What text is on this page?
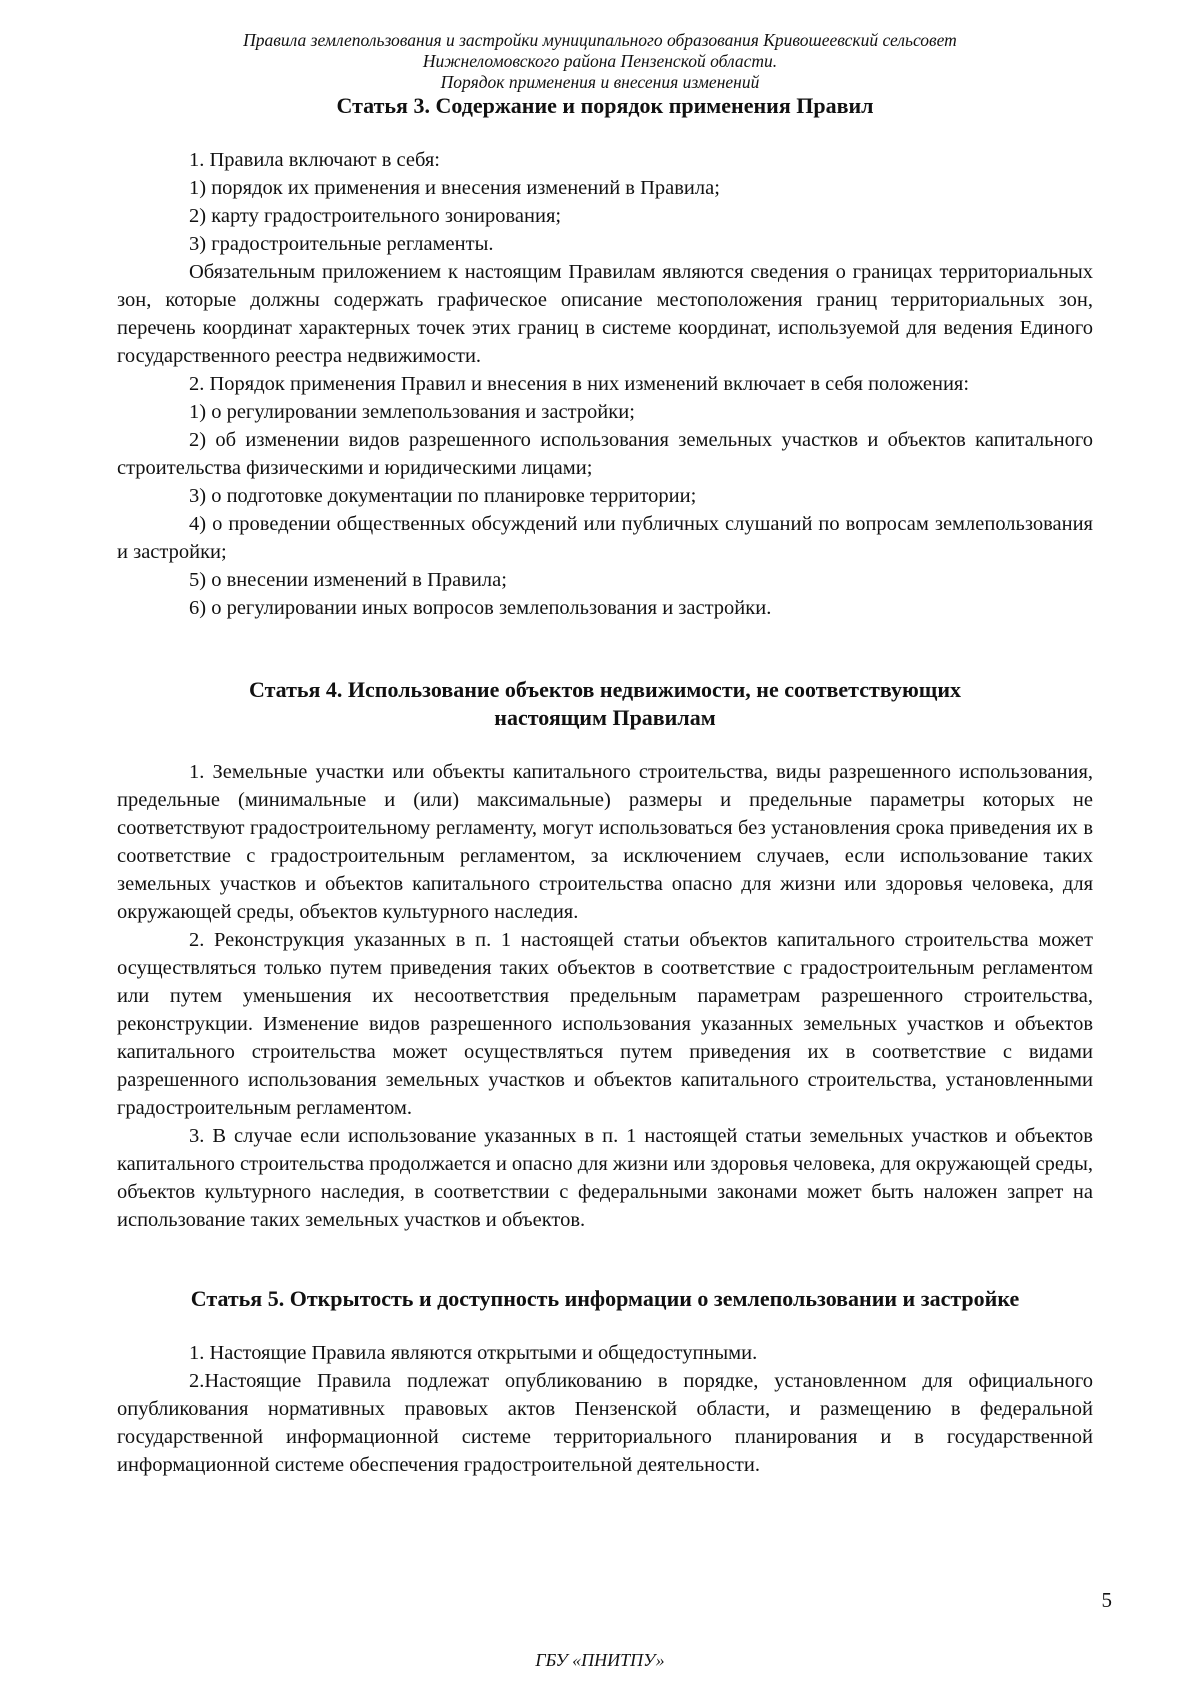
Правила землепользования и застройки муниципального образования Кривошеевский сельсовет
Нижнеломовского района Пензенской области.
Порядок применения и внесения изменений
Статья 3. Содержание и порядок применения Правил

1. Правила включают в себя:

1) порядок их применения и внесения изменений в Правила;

2) карту градостроительного зонирования;

3) градостроительные регламенты.

Обязательным приложением к настоящим Правилам являются сведения о границах территориальных зон, которые должны содержать графическое описание местоположения границ территориальных зон, перечень координат характерных точек этих границ в системе координат, используемой для ведения Единого государственного реестра недвижимости.

2. Порядок применения Правил и внесения в них изменений включает в себя положения:

1) о регулировании землепользования и застройки;

2) об изменении видов разрешенного использования земельных участков и объектов капитального строительства физическими и юридическими лицами;

3) о подготовке документации по планировке территории;

4) о проведении общественных обсуждений или публичных слушаний по вопросам землепользования и застройки;

5) о внесении изменений в Правила;

6) о регулировании иных вопросов землепользования и застройки.

Статья 4. Использование объектов недвижимости, не соответствующих
настоящим Правилам

1. Земельные участки или объекты капитального строительства, виды разрешенного использования, предельные (минимальные и (или) максимальные) размеры и предельные параметры которых не соответствуют градостроительному регламенту, могут использоваться без установления срока приведения их в соответствие с градостроительным регламентом, за исключением случаев, если использование таких земельных участков и объектов капитального строительства опасно для жизни или здоровья человека, для окружающей среды, объектов культурного наследия.

2. Реконструкция указанных в п. 1 настоящей статьи объектов капитального строительства может осуществляться только путем приведения таких объектов в соответствие с градостроительным регламентом или путем уменьшения их несоответствия предельным параметрам разрешенного строительства, реконструкции. Изменение видов разрешенного использования указанных земельных участков и объектов капитального строительства может осуществляться путем приведения их в соответствие с видами разрешенного использования земельных участков и объектов капитального строительства, установленными градостроительным регламентом.

3. В случае если использование указанных в п. 1 настоящей статьи земельных участков и объектов капитального строительства продолжается и опасно для жизни или здоровья человека, для окружающей среды, объектов культурного наследия, в соответствии с федеральными законами может быть наложен запрет на использование таких земельных участков и объектов.

Статья 5. Открытость и доступность информации о землепользовании и застройке

1. Настоящие Правила являются открытыми и общедоступными.

2.Настоящие Правила подлежат опубликованию в порядке, установленном для официального опубликования нормативных правовых актов Пензенской области, и размещению в федеральной государственной информационной системе территориального планирования и в государственной информационной системе обеспечения градостроительной деятельности.

5
ГБУ «ПНИТПУ»
